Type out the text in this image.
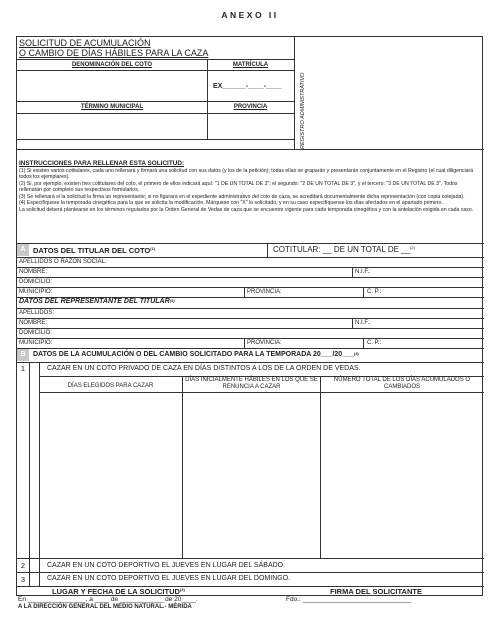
ANEXO II
SOLICITUD DE ACUMULACIÓN
O CAMBIO DE DÍAS HÁBILES PARA LA CAZA
REGISTRO ADMINISTRATIVO
DENOMINACIÓN DEL COTO	MATRÍCULA
EX______-____-____
TÉRMINO MUNICIPAL	PROVINCIA

INSTRUCCIONES PARA RELLENAR ESTA SOLICITUD:

(1) Si existen varios cotitulares, cada uno rellenará y firmará una solicitud con sus datos (y los de la petición); todas ellas se graparán y presentarán conjuntamente en el Registro (el cual diligenciará todos los ejemplares).

(2) Si, por ejemplo, existen tres cotitulares del coto, el primero de ellos indicará aquí: "1 DE UN TOTAL DE 3"; el segundo: "2 DE UN TOTAL DE 3", y el tercero: "3 DE UN TOTAL DE 3". Todos rellenarán por completo sus respectivos formularios.

(3) Se rellenará si la solicitud la firma un representante; si no figurara en el expediente administrativo del coto de caza, se acreditará documentalmente dicha representación (con copia cotejada).

(4) Especifíquese la temporada cinegética para la que se solicita la modificación. Márquese con "X" lo solicitado, y en su caso especifíquense los días afectados en el apartado primero.

La solicitud deberá plantearse en los términos regulados por la Orden General de Vedas de caza que se encuentre vigente para cada temporada cinegética y con la antelación exigida en cada caso.

A DATOS DEL TITULAR DEL COTO$^{(1)}$	COTITULAR: __ DE UN TOTAL DE __$^{(2)}$
APELLIDOS O RAZÓN SOCIAL:
NOMBRE:	N.I.F.:
DOMICILIO:
MUNICIPIO:	PROVINCIA:	C. P.:
DATOS DEL REPRESENTANTE DEL TITULAR$^{(3)}$
APELLIDOS:
NOMBRE:	N.I.F.:
DOMICILIO:
MUNICIPIO:	PROVINCIA:	C. P.:
B	DATOS DE LA ACUMULACIÓN O DEL CAMBIO SOLICITADO PARA LA TEMPORADA 20___/20___$^{(4)}$
1	CAZAR EN UN COTO PRIVADO DE CAZA EN DÍAS DISTINTOS A LOS DE LA ORDEN DE VEDAS.
DÍAS ELEGIDOS PARA CAZAR
DÍAS INICIALMENTE HÁBILES EN LOS QUE SE RENUNCIA A CAZAR
NÚMERO TOTAL DE LOS DÍAS ACUMULADOS O CAMBIADOS
2	CAZAR EN UN COTO DEPORTIVO EL JUEVES EN LUGAR DEL SÁBADO.
3	CAZAR EN UN COTO DEPORTIVO EL JUEVES EN LUGAR DEL DOMINGO.
LUGAR Y FECHA DE LA SOLICITUD$^{(3)}$	FIRMA DEL SOLICITANTE
En ________________, a ____ de ____________ de 20____.	Fdo.: ______________________________
A LA DIRECCIÓN GENERAL DEL MEDIO NATURAL.- MÉRIDA
